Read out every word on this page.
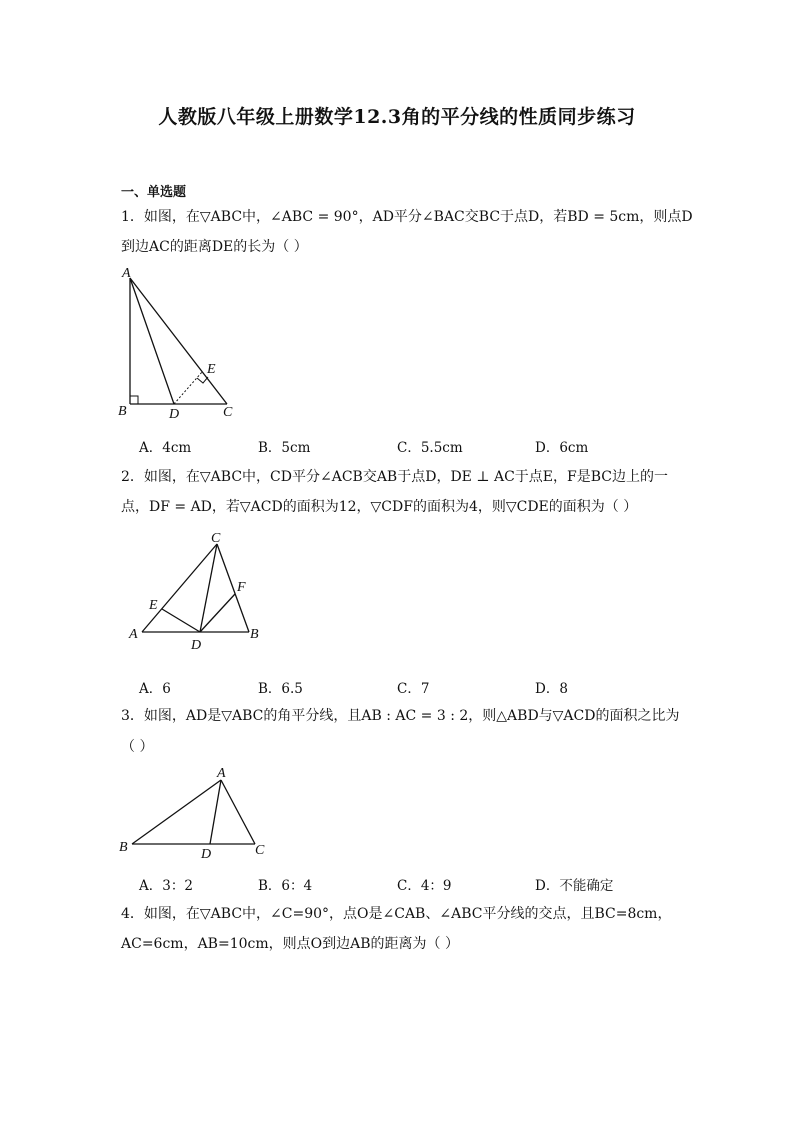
人教版八年级上册数学12.3角的平分线的性质同步练习
一、单选题
1．如图，在▽ABC中，∠ABC = 90°，AD平分∠BAC交BC于点D，若BD = 5cm，则点D
到边AC的距离DE的长为（ ）
A
B	C
D
E
A．4cm	B．5cm	C．5.5cm	D．6cm
2．如图，在▽ABC中，CD平分∠ACB交AB于点D，DE ⊥ AC于点E，F是BC边上的一
点，DF = AD，若▽ACD的面积为12，▽CDF的面积为4，则▽CDE的面积为（ ）
C
F
E
A
D
B
A．6	B．6.5	C．7	D．8
3．如图，AD是▽ABC的角平分线，且AB : AC = 3 : 2，则△ABD与▽ACD的面积之比为
（ ）
A
B	D	C
A．3：2	B．6：4	C．4：9	D．不能确定
4．如图，在▽ABC中，∠C=90°，点O是∠CAB、∠ABC平分线的交点，且BC=8cm，
AC=6cm，AB=10cm，则点O到边AB的距离为（ ）
